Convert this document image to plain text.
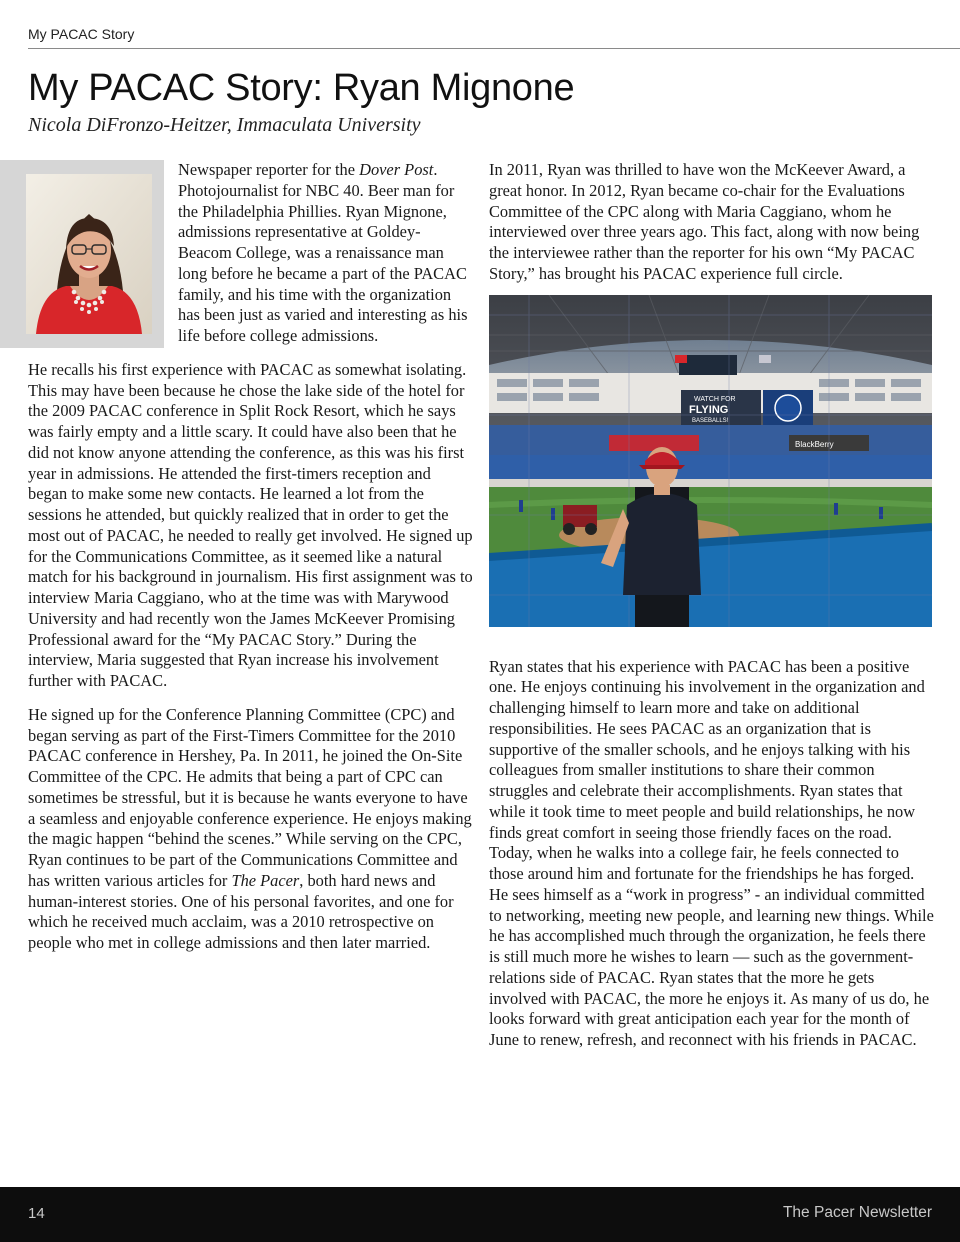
My PACAC Story
My PACAC Story: Ryan Mignone
Nicola DiFronzo-Heitzer, Immaculata University

Newspaper reporter for the Dover Post. Photojournalist for NBC 40. Beer man for the Philadelphia Phillies. Ryan Mignone, admissions representative at Goldey-Beacom College, was a renaissance man long before he became a part of the PACAC family, and his time with the organization has been just as varied and interesting as his life before college admissions.

He recalls his first experience with PACAC as somewhat isolating. This may have been because he chose the lake side of the hotel for the 2009 PACAC conference in Split Rock Resort, which he says was fairly empty and a little scary. It could have also been that he did not know anyone attending the conference, as this was his first year in admissions. He attended the first-timers reception and began to make some new contacts. He learned a lot from the sessions he attended, but quickly realized that in order to get the most out of PACAC, he needed to really get involved. He signed up for the Communications Committee, as it seemed like a natural match for his background in journalism. His first assignment was to interview Maria Caggiano, who at the time was with Marywood University and had recently won the James McKeever Promising Professional award for the “My PACAC Story.” During the interview, Maria suggested that Ryan increase his involvement further with PACAC.

He signed up for the Conference Planning Committee (CPC) and began serving as part of the First-Timers Committee for the 2010 PACAC conference in Hershey, Pa. In 2011, he joined the On-Site Committee of the CPC. He admits that being a part of CPC can sometimes be stressful, but it is because he wants everyone to have a seamless and enjoyable conference experience. He enjoys making the magic happen “behind the scenes.” While serving on the CPC, Ryan continues to be part of the Communications Committee and has written various articles for The Pacer, both hard news and human-interest stories. One of his personal favorites, and one for which he received much acclaim, was a 2010 retrospective on people who met in college admissions and then later married.

In 2011, Ryan was thrilled to have won the McKeever Award, a great honor. In 2012, Ryan became co-chair for the Evaluations Committee of the CPC along with Maria Caggiano, whom he interviewed over three years ago. This fact, along with now being the interviewee rather than the reporter for his own “My PACAC Story,” has brought his PACAC experience full circle.

WATCH FOR
FLYING
BASEBALLS!
BlackBerry

Ryan states that his experience with PACAC has been a positive one. He enjoys continuing his involvement in the organization and challenging himself to learn more and take on additional responsibilities. He sees PACAC as an organization that is supportive of the smaller schools, and he enjoys talking with his colleagues from smaller institutions to share their common struggles and celebrate their accomplishments. Ryan states that while it took time to meet people and build relationships, he now finds great comfort in seeing those friendly faces on the road. Today, when he walks into a college fair, he feels connected to those around him and fortunate for the friendships he has forged. He sees himself as a “work in progress” - an individual committed to networking, meeting new people, and learning new things. While he has accomplished much through the organization, he feels there is still much more he wishes to learn — such as the government-relations side of PACAC. Ryan states that the more he gets involved with PACAC, the more he enjoys it. As many of us do, he looks forward with great anticipation each year for the month of June to renew, refresh, and reconnect with his friends in PACAC.

14	The Pacer Newsletter
